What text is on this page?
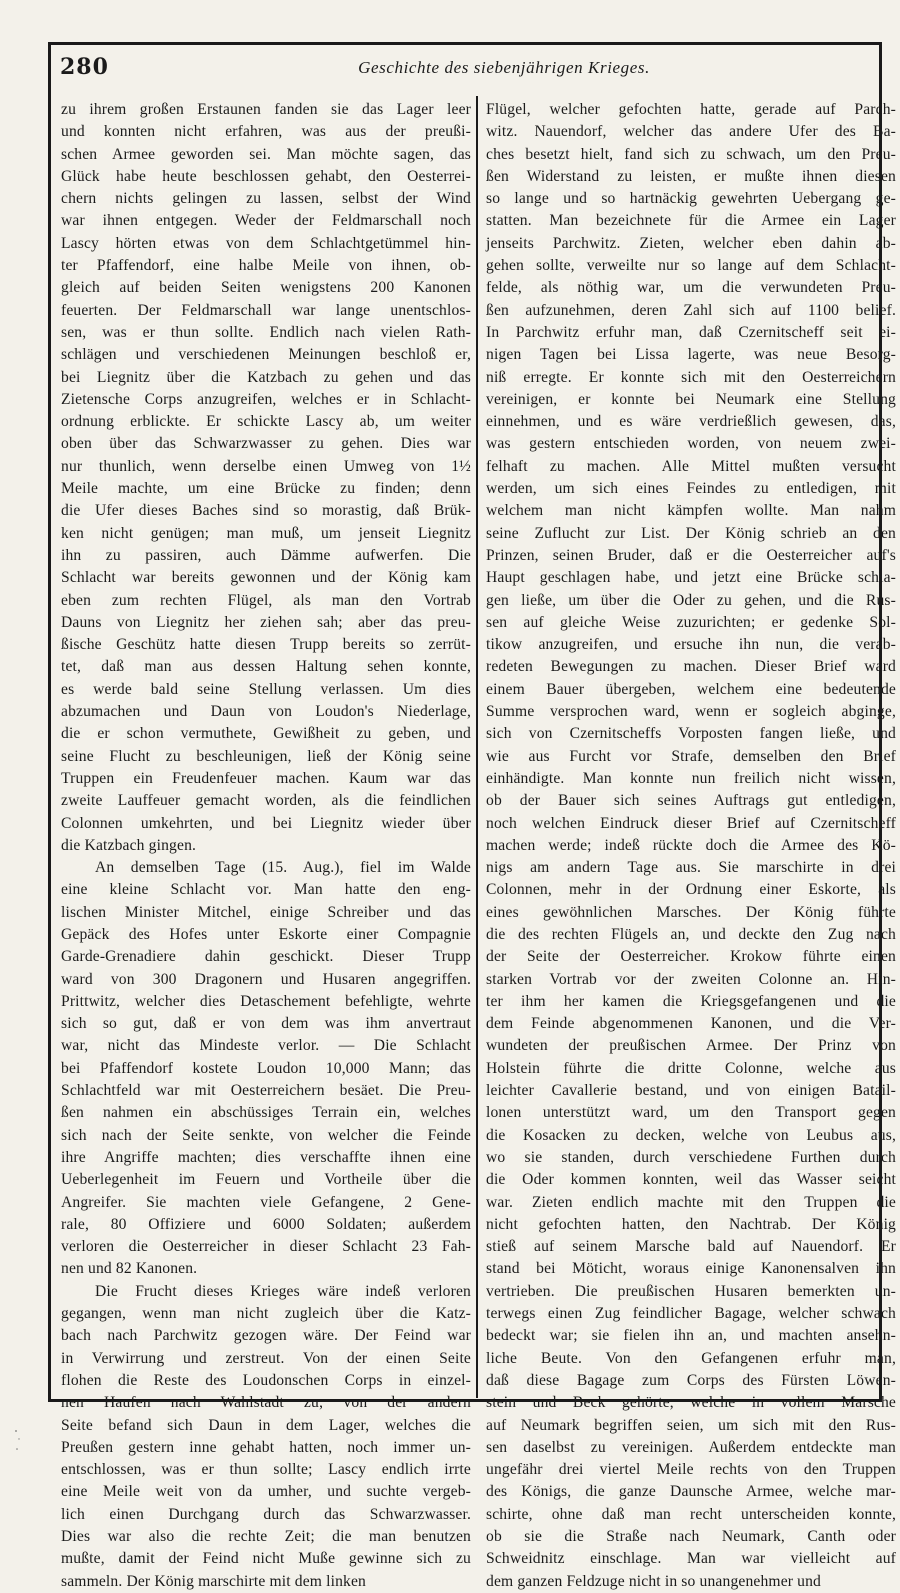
280	Geschichte des siebenjährigen Krieges.
zu ihrem großen Erstaunen fanden sie das Lager leer
und konnten nicht erfahren, was aus der preußi-
schen Armee geworden sei. Man möchte sagen, das
Glück habe heute beschlossen gehabt, den Oesterrei-
chern nichts gelingen zu lassen, selbst der Wind
war ihnen entgegen. Weder der Feldmarschall noch
Lascy hörten etwas von dem Schlachtgetümmel hin-
ter Pfaffendorf, eine halbe Meile von ihnen, ob-
gleich auf beiden Seiten wenigstens 200 Kanonen
feuerten. Der Feldmarschall war lange unentschlos-
sen, was er thun sollte. Endlich nach vielen Rath-
schlägen und verschiedenen Meinungen beschloß er,
bei Liegnitz über die Katzbach zu gehen und das
Zietensche Corps anzugreifen, welches er in Schlacht-
ordnung erblickte. Er schickte Lascy ab, um weiter
oben über das Schwarzwasser zu gehen. Dies war
nur thunlich, wenn derselbe einen Umweg von 1½
Meile machte, um eine Brücke zu finden; denn
die Ufer dieses Baches sind so morastig, daß Brük-
ken nicht genügen; man muß, um jenseit Liegnitz
ihn zu passiren, auch Dämme aufwerfen. Die
Schlacht war bereits gewonnen und der König kam
eben zum rechten Flügel, als man den Vortrab
Dauns von Liegnitz her ziehen sah; aber das preu-
ßische Geschütz hatte diesen Trupp bereits so zerrüt-
tet, daß man aus dessen Haltung sehen konnte,
es werde bald seine Stellung verlassen. Um dies
abzumachen und Daun von Loudon's Niederlage,
die er schon vermuthete, Gewißheit zu geben, und
seine Flucht zu beschleunigen, ließ der König seine
Truppen ein Freudenfeuer machen. Kaum war das
zweite Lauffeuer gemacht worden, als die feindlichen
Colonnen umkehrten, und bei Liegnitz wieder über
die Katzbach gingen.
An demselben Tage (15. Aug.), fiel im Walde
eine kleine Schlacht vor. Man hatte den eng-
lischen Minister Mitchel, einige Schreiber und das
Gepäck des Hofes unter Eskorte einer Compagnie
Garde-Grenadiere dahin geschickt. Dieser Trupp
ward von 300 Dragonern und Husaren angegriffen.
Prittwitz, welcher dies Detaschement befehligte, wehrte
sich so gut, daß er von dem was ihm anvertraut
war, nicht das Mindeste verlor. — Die Schlacht
bei Pfaffendorf kostete Loudon 10,000 Mann; das
Schlachtfeld war mit Oesterreichern besäet. Die Preu-
ßen nahmen ein abschüssiges Terrain ein, welches
sich nach der Seite senkte, von welcher die Feinde
ihre Angriffe machten; dies verschaffte ihnen eine
Ueberlegenheit im Feuern und Vortheile über die
Angreifer. Sie machten viele Gefangene, 2 Gene-
rale, 80 Offiziere und 6000 Soldaten; außerdem
verloren die Oesterreicher in dieser Schlacht 23 Fah-
nen und 82 Kanonen.
Die Frucht dieses Krieges wäre indeß verloren
gegangen, wenn man nicht zugleich über die Katz-
bach nach Parchwitz gezogen wäre. Der Feind war
in Verwirrung und zerstreut. Von der einen Seite
flohen die Reste des Loudonschen Corps in einzel-
nen Haufen nach Wahlstadt zu; von der andern
Seite befand sich Daun in dem Lager, welches die
Preußen gestern inne gehabt hatten, noch immer un-
entschlossen, was er thun sollte; Lascy endlich irrte
eine Meile weit von da umher, und suchte vergeb-
lich einen Durchgang durch das Schwarzwasser.
Dies war also die rechte Zeit; die man benutzen
mußte, damit der Feind nicht Muße gewinne sich zu
sammeln. Der König marschirte mit dem linken
Flügel, welcher gefochten hatte, gerade auf Parch-
witz. Nauendorf, welcher das andere Ufer des Ba-
ches besetzt hielt, fand sich zu schwach, um den Preu-
ßen Widerstand zu leisten, er mußte ihnen diesen
so lange und so hartnäckig gewehrten Uebergang ge-
statten. Man bezeichnete für die Armee ein Lager
jenseits Parchwitz. Zieten, welcher eben dahin ab-
gehen sollte, verweilte nur so lange auf dem Schlacht-
felde, als nöthig war, um die verwundeten Preu-
ßen aufzunehmen, deren Zahl sich auf 1100 belief.
In Parchwitz erfuhr man, daß Czernitscheff seit ei-
nigen Tagen bei Lissa lagerte, was neue Besorg-
niß erregte. Er konnte sich mit den Oesterreichern
vereinigen, er konnte bei Neumark eine Stellung
einnehmen, und es wäre verdrießlich gewesen, das,
was gestern entschieden worden, von neuem zwei-
felhaft zu machen. Alle Mittel mußten versucht
werden, um sich eines Feindes zu entledigen, mit
welchem man nicht kämpfen wollte. Man nahm
seine Zuflucht zur List. Der König schrieb an den
Prinzen, seinen Bruder, daß er die Oesterreicher auf's
Haupt geschlagen habe, und jetzt eine Brücke schla-
gen ließe, um über die Oder zu gehen, und die Rus-
sen auf gleiche Weise zuzurichten; er gedenke Sol-
tikow anzugreifen, und ersuche ihn nun, die verab-
redeten Bewegungen zu machen. Dieser Brief ward
einem Bauer übergeben, welchem eine bedeutende
Summe versprochen ward, wenn er sogleich abginge,
sich von Czernitscheffs Vorposten fangen ließe, und
wie aus Furcht vor Strafe, demselben den Brief
einhändigte. Man konnte nun freilich nicht wissen,
ob der Bauer sich seines Auftrags gut entledigen,
noch welchen Eindruck dieser Brief auf Czernitscheff
machen werde; indeß rückte doch die Armee des Kö-
nigs am andern Tage aus. Sie marschirte in drei
Colonnen, mehr in der Ordnung einer Eskorte, als
eines gewöhnlichen Marsches. Der König führte
die des rechten Flügels an, und deckte den Zug nach
der Seite der Oesterreicher. Krokow führte einen
starken Vortrab vor der zweiten Colonne an. Hin-
ter ihm her kamen die Kriegsgefangenen und die
dem Feinde abgenommenen Kanonen, und die Ver-
wundeten der preußischen Armee. Der Prinz von
Holstein führte die dritte Colonne, welche aus
leichter Cavallerie bestand, und von einigen Batail-
lonen unterstützt ward, um den Transport gegen
die Kosacken zu decken, welche von Leubus aus,
wo sie standen, durch verschiedene Furthen durch
die Oder kommen konnten, weil das Wasser seicht
war. Zieten endlich machte mit den Truppen die
nicht gefochten hatten, den Nachtrab. Der König
stieß auf seinem Marsche bald auf Nauendorf. Er
stand bei Möticht, woraus einige Kanonensalven ihn
vertrieben. Die preußischen Husaren bemerkten un-
terwegs einen Zug feindlicher Bagage, welcher schwach
bedeckt war; sie fielen ihn an, und machten ansehn-
liche Beute. Von den Gefangenen erfuhr man,
daß diese Bagage zum Corps des Fürsten Löwen-
stein und Beck gehörte, welche in vollem Marsche
auf Neumark begriffen seien, um sich mit den Rus-
sen daselbst zu vereinigen. Außerdem entdeckte man
ungefähr drei viertel Meile rechts von den Truppen
des Königs, die ganze Daunsche Armee, welche mar-
schirte, ohne daß man recht unterscheiden konnte,
ob sie die Straße nach Neumark, Canth oder
Schweidnitz einschlage. Man war vielleicht auf
dem ganzen Feldzuge nicht in so unangenehmer und
